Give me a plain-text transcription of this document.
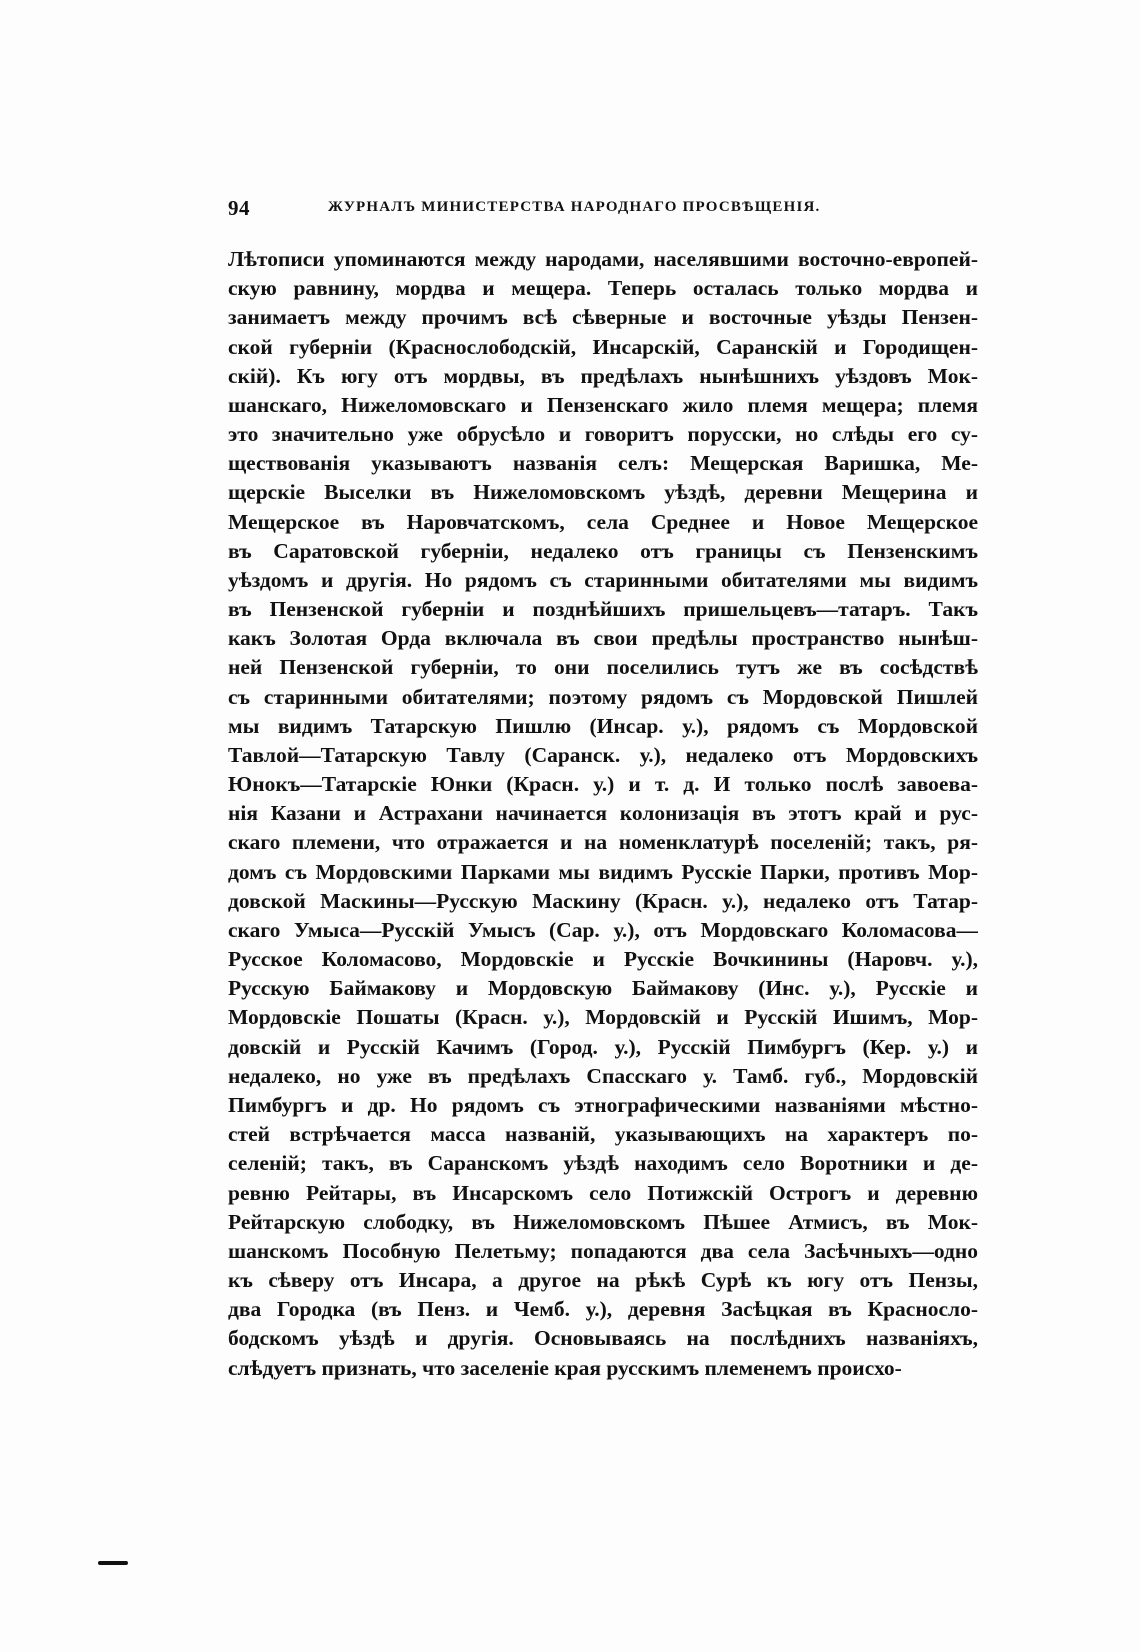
94	ЖУРНАЛЪ МИНИСТЕРСТВА НАРОДНАГО ПРОСВѢЩЕНІЯ.
Лѣтописи упоминаются между народами, населявшими восточно-европей-
скую равнину, мордва и мещера. Теперь осталась только мордва и
занимаетъ между прочимъ всѣ сѣверные и восточные уѣзды Пензен-
ской губерніи (Краснослободскій, Инсарскій, Саранскій и Городищен-
скій). Къ югу отъ мордвы, въ предѣлахъ нынѣшнихъ уѣздовъ Мок-
шанскаго, Нижеломовскаго и Пензенскаго жило племя мещера; племя
это значительно уже обрусѣло и говоритъ порусски, но слѣды его су-
ществованія указываютъ названія селъ: Мещерская Варишка, Ме-
щерскіе Выселки въ Нижеломовскомъ уѣздѣ, деревни Мещерина и
Мещерское въ Наровчатскомъ, села Среднее и Новое Мещерское
въ Саратовской губерніи, недалеко отъ границы съ Пензенскимъ
уѣздомъ и другія. Но рядомъ съ старинными обитателями мы видимъ
въ Пензенской губерніи и позднѣйшихъ пришельцевъ—татаръ. Такъ
какъ Золотая Орда включала въ свои предѣлы пространство нынѣш-
ней Пензенской губерніи, то они поселились тутъ же въ сосѣдствѣ
съ старинными обитателями; поэтому рядомъ съ Мордовской Пишлей
мы видимъ Татарскую Пишлю (Инсар. у.), рядомъ съ Мордовской
Тавлой—Татарскую Тавлу (Саранск. у.), недалеко отъ Мордовскихъ
Юнокъ—Татарскіе Юнки (Красн. у.) и т. д. И только послѣ завоева-
нія Казани и Астрахани начинается колонизація въ этотъ край и рус-
скаго племени, что отражается и на номенклатурѣ поселеній; такъ, ря-
домъ съ Мордовскими Парками мы видимъ Русскіе Парки, противъ Мор-
довской Маскины—Русскую Маскину (Красн. у.), недалеко отъ Татар-
скаго Умыса—Русскій Умысъ (Сар. у.), отъ Мордовскаго Коломасова—
Русское Коломасово, Мордовскіе и Русскіе Вочкинины (Наровч. у.),
Русскую Баймакову и Мордовскую Баймакову (Инс. у.), Русскіе и
Мордовскіе Пошаты (Красн. у.), Мордовскій и Русскій Ишимъ, Мор-
довскій и Русскій Качимъ (Город. у.), Русскій Пимбургъ (Кер. у.) и
недалеко, но уже въ предѣлахъ Спасскаго у. Тамб. губ., Мордовскій
Пимбургъ и др. Но рядомъ съ этнографическими названіями мѣстно-
стей встрѣчается масса названій, указывающихъ на характеръ по-
селеній; такъ, въ Саранскомъ уѣздѣ находимъ село Воротники и де-
ревню Рейтары, въ Инсарскомъ село Потижскій Острогъ и деревню
Рейтарскую слободку, въ Нижеломовскомъ Пѣшее Атмисъ, въ Мок-
шанскомъ Пособную Пелетьму; попадаются два села Засѣчныхъ—одно
къ сѣверу отъ Инсара, а другое на рѣкѣ Сурѣ къ югу отъ Пензы,
два Городка (въ Пенз. и Чемб. у.), деревня Засѣцкая въ Краснослo-
бодскомъ уѣздѣ и другія. Основываясь на послѣднихъ названіяхъ,
слѣдуетъ признать, что заселеніе края русскимъ племенемъ происхо-
